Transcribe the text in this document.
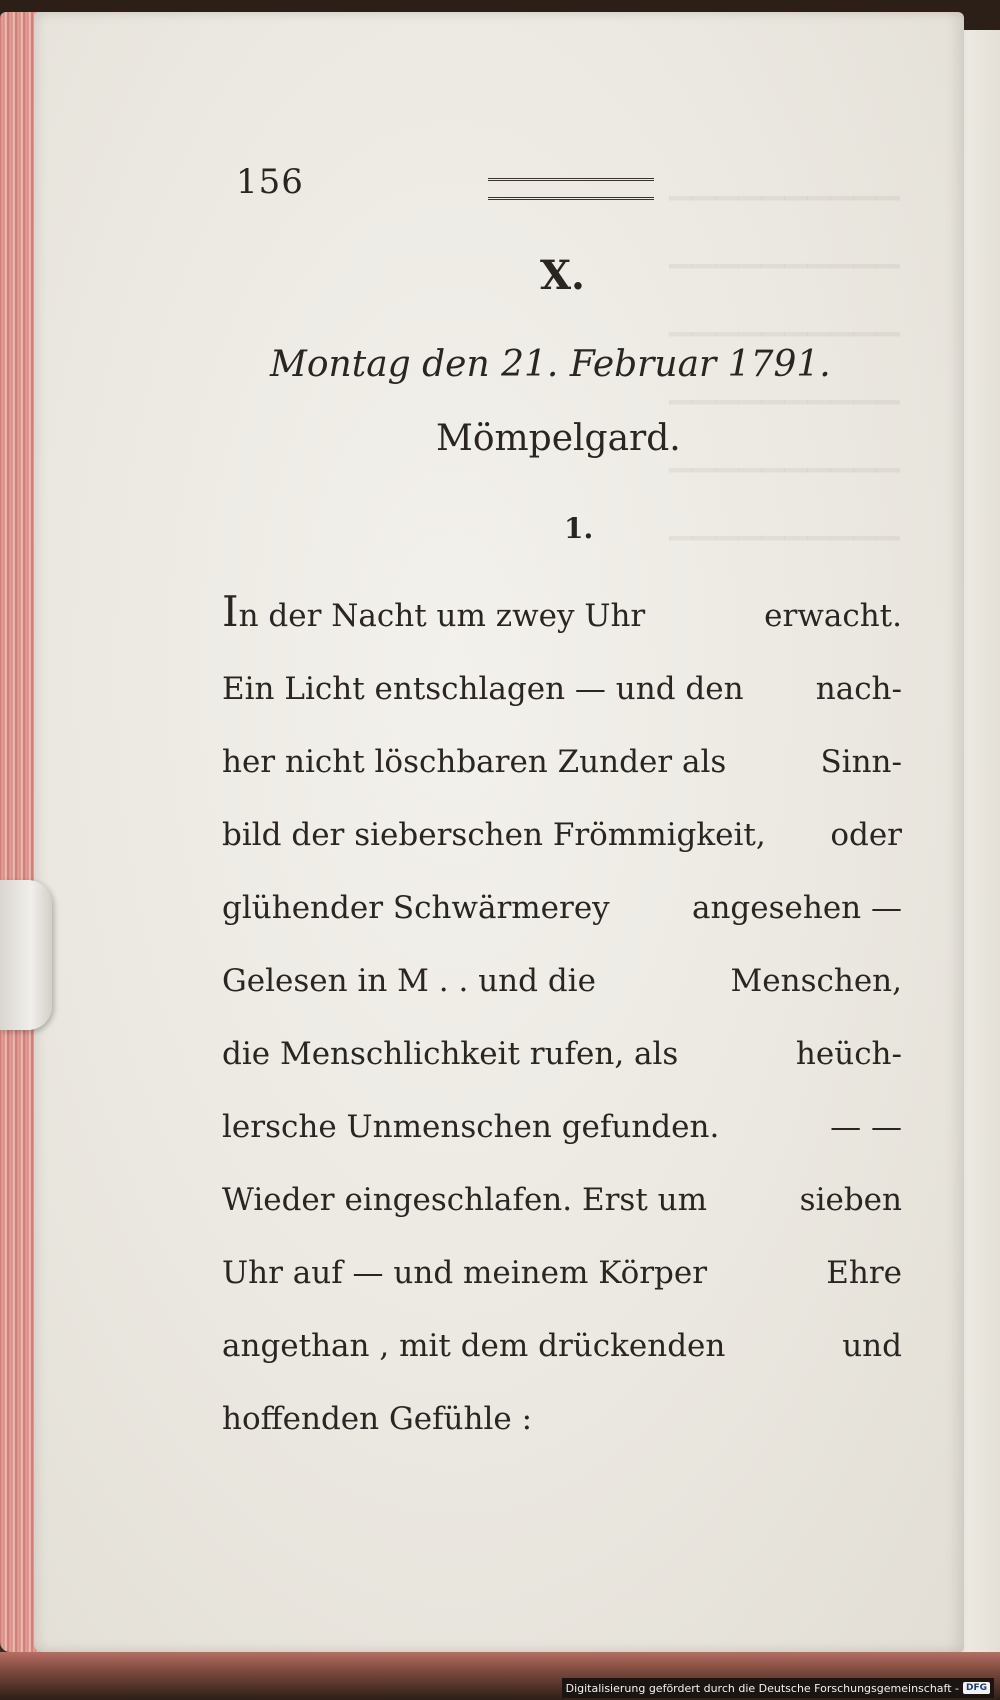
156
X.
Montag den 21. Februar 1791.
Mömpelgard.
1.
In der Nacht um zwey Uhr	erwacht.
Ein Licht entschlagen — und den nach-
her nicht löschbaren Zunder als	Sinn-
bild der sieberschen Frömmigkeit, oder
glühender Schwärmerey	angesehen —
Gelesen in M . . und die	Menschen,
die Menschlichkeit rufen, als	heüch-
lersche Unmenschen gefunden.	— —
Wieder eingeschlafen. Erst um	sieben
Uhr auf — und meinem Körper	Ehre
angethan , mit dem drückenden	und
hoffenden Gefühle :
Digitalisierung gefördert durch die Deutsche Forschungsgemeinschaft - DFG
